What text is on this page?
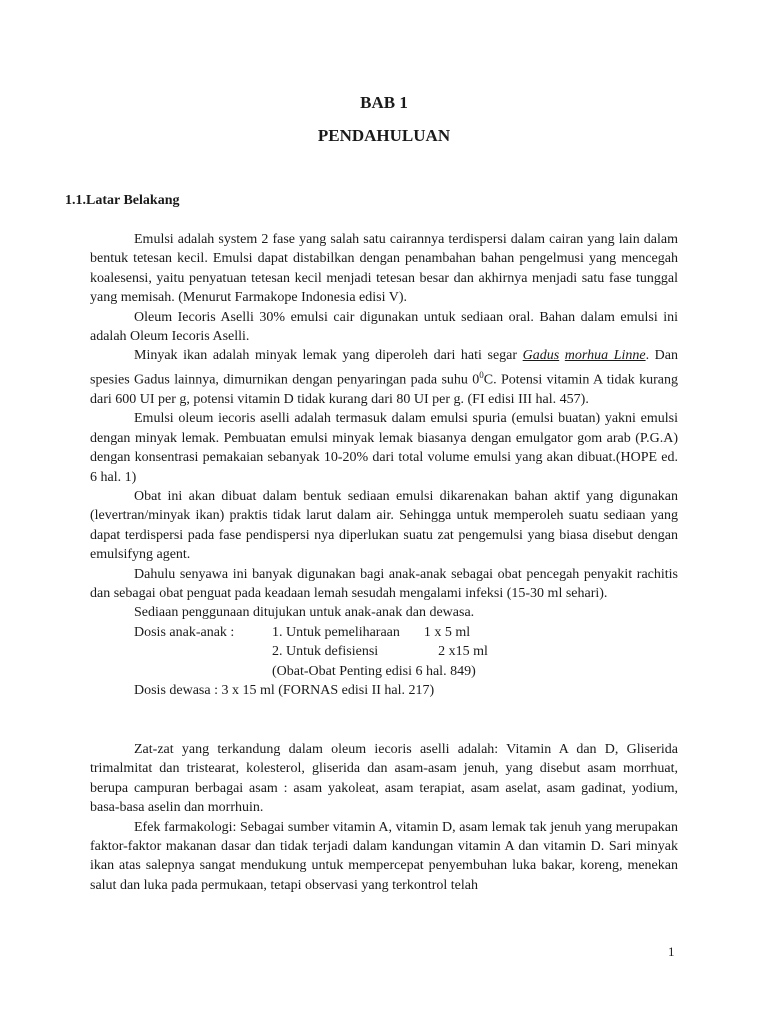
BAB 1
PENDAHULUAN
1.1.Latar Belakang

Emulsi adalah system 2 fase yang salah satu cairannya terdispersi dalam cairan yang lain dalam bentuk tetesan kecil. Emulsi dapat distabilkan dengan penambahan bahan pengelmusi yang mencegah koalesensi, yaitu penyatuan tetesan kecil menjadi tetesan besar dan akhirnya menjadi satu fase tunggal yang memisah. (Menurut Farmakope Indonesia edisi V).

Oleum Iecoris Aselli 30% emulsi cair digunakan untuk sediaan oral. Bahan dalam emulsi ini adalah Oleum Iecoris Aselli.

Minyak ikan adalah minyak lemak yang diperoleh dari hati segar Gadus morhua Linne. Dan spesies Gadus lainnya, dimurnikan dengan penyaringan pada suhu $0^0C$. Potensi vitamin A tidak kurang dari 600 UI per g, potensi vitamin D tidak kurang dari 80 UI per g. (FI edisi III hal. 457).

Emulsi oleum iecoris aselli adalah termasuk dalam emulsi spuria (emulsi buatan) yakni emulsi dengan minyak lemak. Pembuatan emulsi minyak lemak biasanya dengan emulgator gom arab (P.G.A) dengan konsentrasi pemakaian sebanyak 10-20% dari total volume emulsi yang akan dibuat.(HOPE ed. 6 hal. 1)

Obat ini akan dibuat dalam bentuk sediaan emulsi dikarenakan bahan aktif yang digunakan (levertran/minyak ikan) praktis tidak larut dalam air. Sehingga untuk memperoleh suatu sediaan yang dapat terdispersi pada fase pendispersi nya diperlukan suatu zat pengemulsi yang biasa disebut dengan emulsifyng agent.

Dahulu senyawa ini banyak digunakan bagi anak-anak sebagai obat pencegah penyakit rachitis dan sebagai obat penguat pada keadaan lemah sesudah mengalami infeksi (15-30 ml sehari).

Sediaan penggunaan ditujukan untuk anak-anak dan dewasa.

Dosis anak-anak : 1. Untuk pemeliharaan 1 x 5 ml

2. Untuk defisiensi	2 x15 ml

(Obat-Obat Penting edisi 6 hal. 849)

Dosis dewasa : 3 x 15 ml (FORNAS edisi II hal. 217)

Zat-zat yang terkandung dalam oleum iecoris aselli adalah: Vitamin A dan D, Gliserida trimalmitat dan tristearat, kolesterol, gliserida dan asam-asam jenuh, yang disebut asam morrhuat, berupa campuran berbagai asam : asam yakoleat, asam terapiat, asam aselat, asam gadinat, yodium, basa-basa aselin dan morrhuin.

Efek farmakologi: Sebagai sumber vitamin A, vitamin D, asam lemak tak jenuh yang merupakan faktor-faktor makanan dasar dan tidak terjadi dalam kandungan vitamin A dan vitamin D. Sari minyak ikan atas salepnya sangat mendukung untuk mempercepat penyembuhan luka bakar, koreng, menekan salut dan luka pada permukaan, tetapi observasi yang terkontrol telah

1
